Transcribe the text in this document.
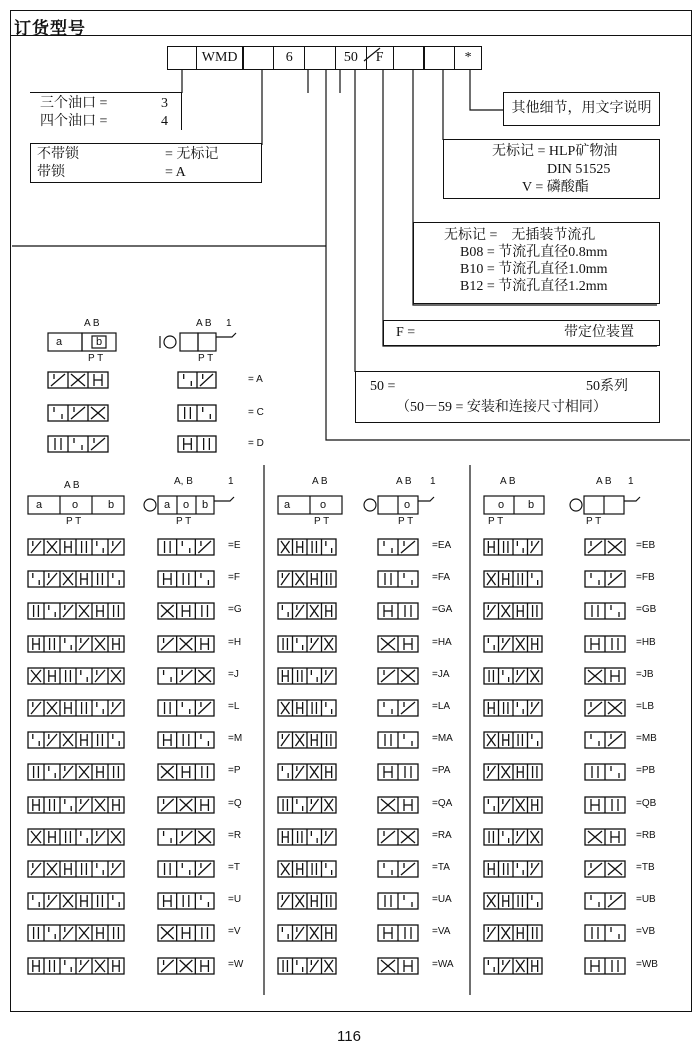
订货型号
WMD	6	50	F	*
三个油口 =	3
四个油口 =	4
不带锁	= 无标记
带锁	= A
其他细节，用文字说明
无标记 = HLP矿物油
DIN 51525
V = 磷酸酯
无标记 = 无插装节流孔
B08 = 节流孔直径0.8mm
B10 = 节流孔直径1.0mm
B12 = 节流孔直径1.2mm
F =	带定位装置
50 =	50系列
（50－59 = 安装和连接尺寸相同）
A B	A B 1
a	b
P T	P T
= A
= C
= D
A B	A, B	1
P T	P T
A B	A B 1
P T	P T
A B	A B 1
P T	P T
a	o	b	a o b	a	o	o	b
o
=E	=EA	=EB
=F	=FA	=FB
=G	=GA	=GB
=H	=HA	=HB
=J	=JA	=JB
=L	=LA	=LB
=M	=MA	=MB
=P	=PA	=PB
=Q	=QA	=QB
=R	=RA	=RB
=T	=TA	=TB
=U	=UA	=UB
=V	=VA	=VB
=W	=WA	=WB
116
